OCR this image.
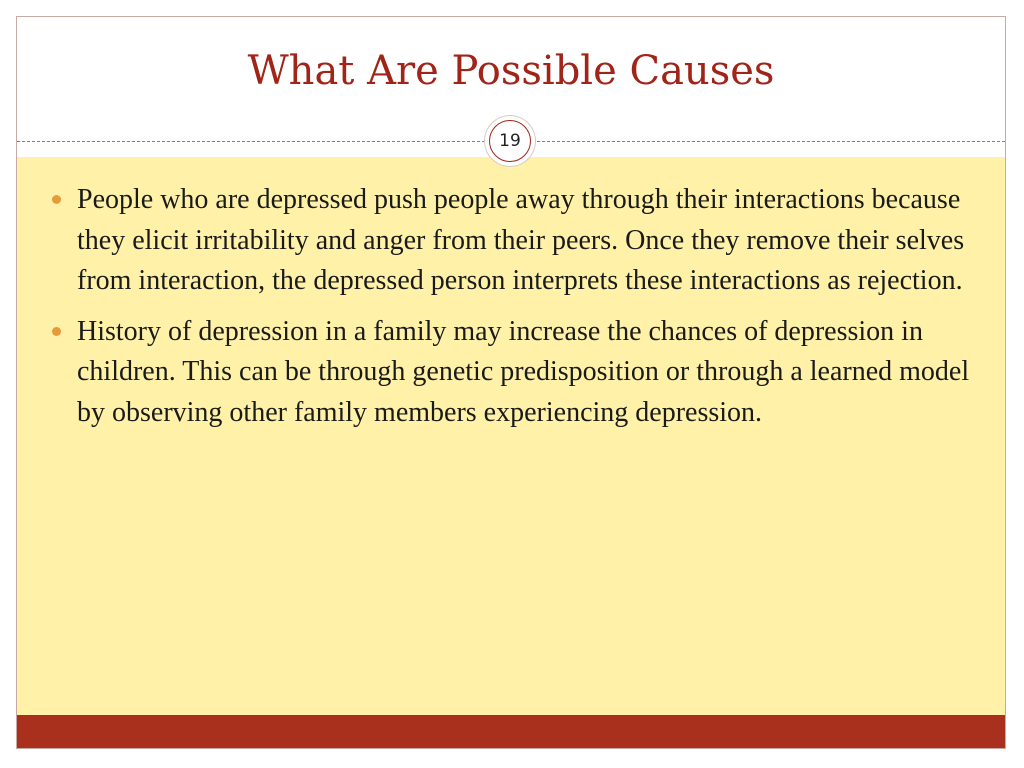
What Are Possible Causes
19
People who are depressed push people away through their interactions because they elicit irritability and anger from their peers. Once they remove their selves from interaction, the depressed person interprets these interactions as rejection.
History of depression in a family may increase the chances of depression in children. This can be through genetic predisposition or through a learned model by observing other family members experiencing depression.
